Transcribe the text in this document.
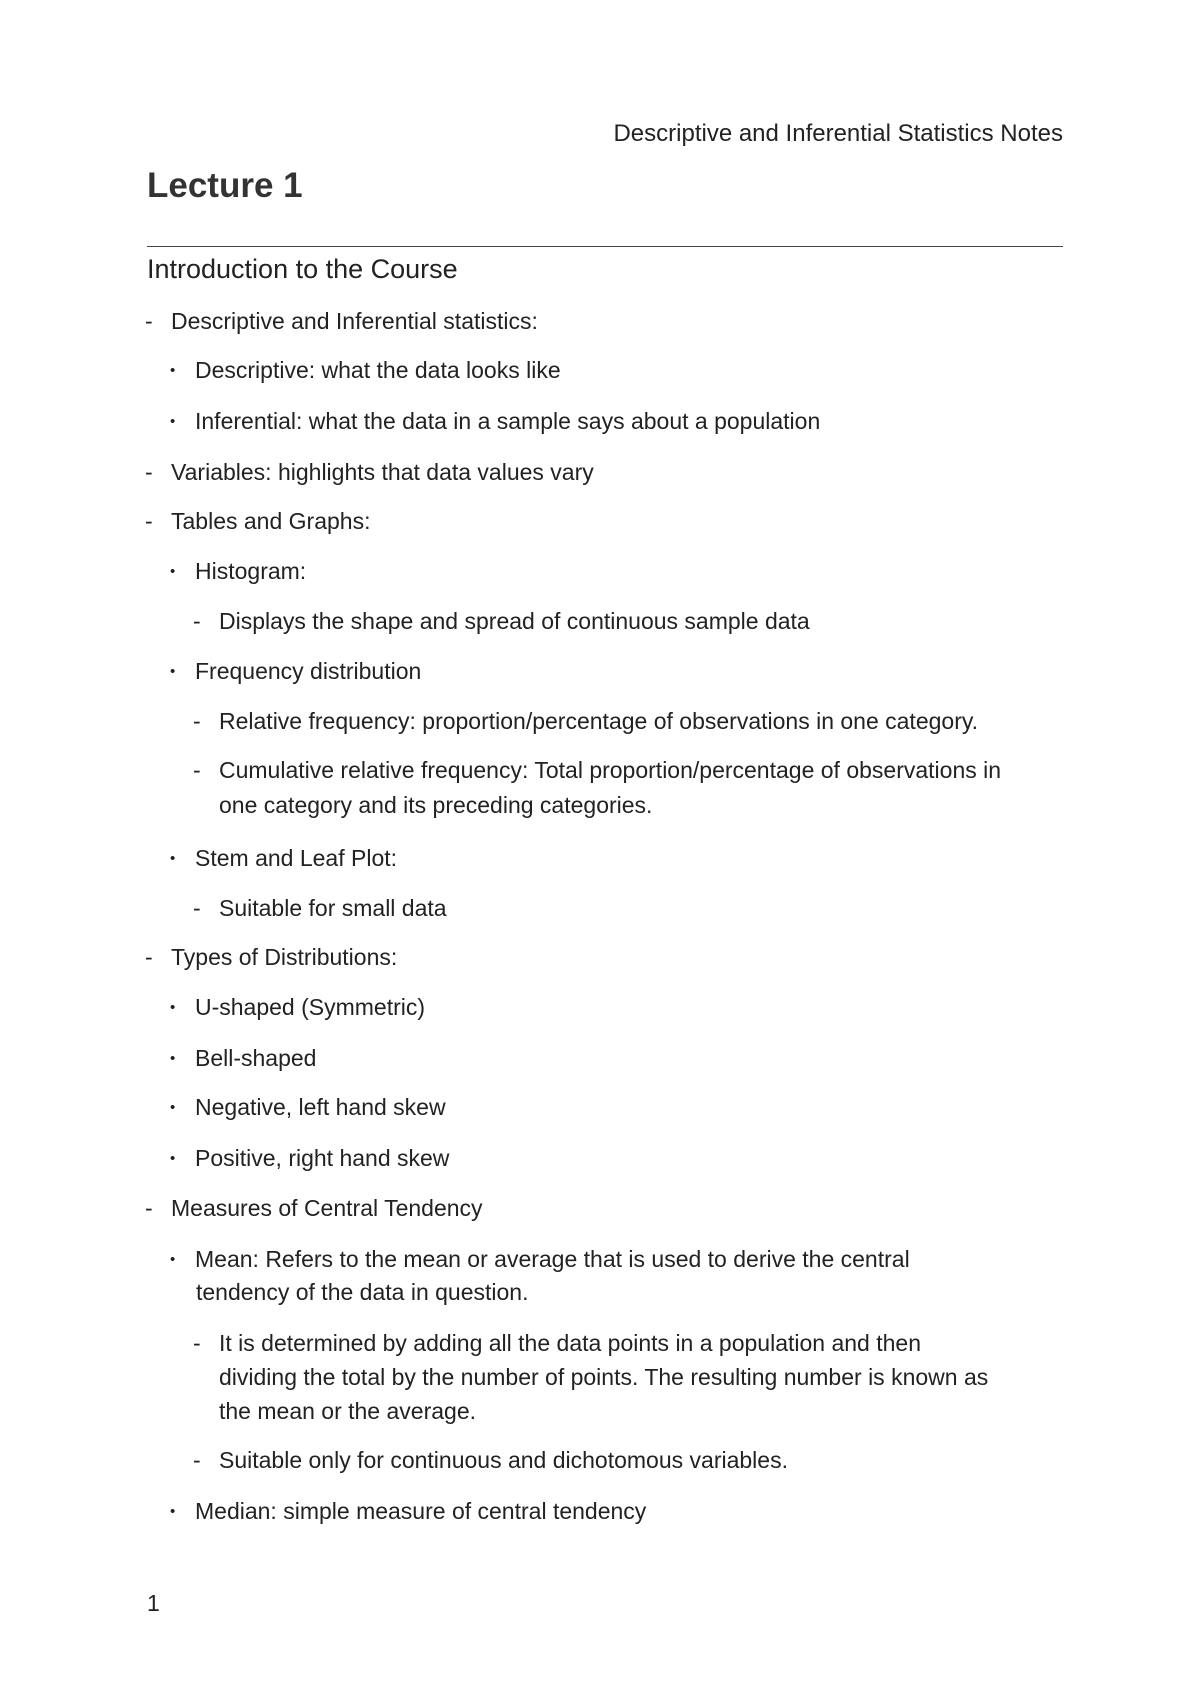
Descriptive and Inferential Statistics Notes
Lecture 1
Introduction to the Course
- Descriptive and Inferential statistics:
• Descriptive: what the data looks like
• Inferential: what the data in a sample says about a population
- Variables: highlights that data values vary
- Tables and Graphs:
• Histogram:
- Displays the shape and spread of continuous sample data
• Frequency distribution
- Relative frequency: proportion/percentage of observations in one category.
- Cumulative relative frequency: Total proportion/percentage of observations in
one category and its preceding categories.
• Stem and Leaf Plot:
- Suitable for small data
- Types of Distributions:
• U-shaped (Symmetric)
• Bell-shaped
• Negative, left hand skew
• Positive, right hand skew
- Measures of Central Tendency
• Mean: Refers to the mean or average that is used to derive the central
tendency of the data in question.
- It is determined by adding all the data points in a population and then
dividing the total by the number of points. The resulting number is known as
the mean or the average.
- Suitable only for continuous and dichotomous variables.
• Median: simple measure of central tendency
1
